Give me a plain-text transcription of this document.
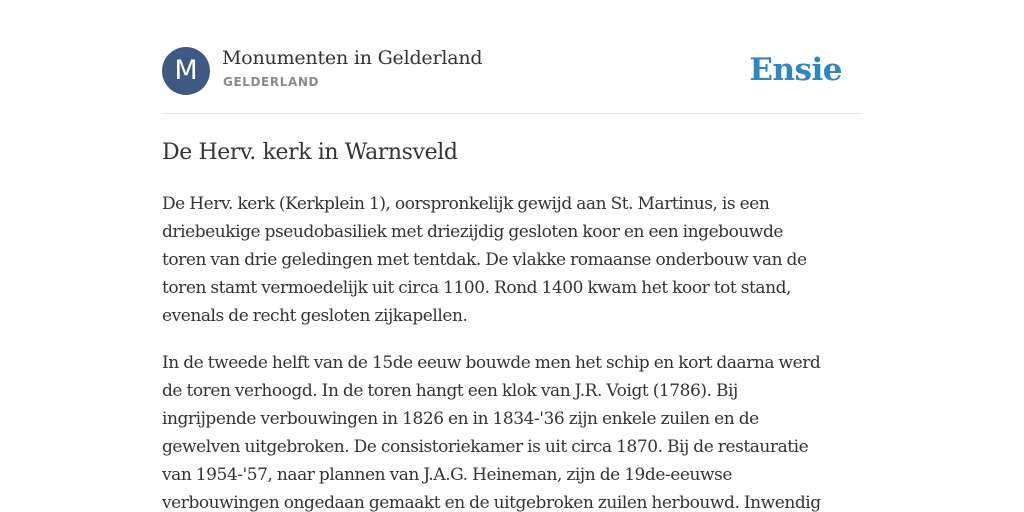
M	Monumenten in Gelderland
GELDERLAND	Ensie
De Herv. kerk in Warnsveld

De Herv. kerk (Kerkplein 1), oorspronkelijk gewijd aan St. Martinus, is een
driebeukige pseudobasiliek met driezijdig gesloten koor en een ingebouwde
toren van drie geledingen met tentdak. De vlakke romaanse onderbouw van de
toren stamt vermoedelijk uit circa 1100. Rond 1400 kwam het koor tot stand,
evenals de recht gesloten zijkapellen.

In de tweede helft van de 15de eeuw bouwde men het schip en kort daarna werd
de toren verhoogd. In de toren hangt een klok van J.R. Voigt (1786). Bij
ingrijpende verbouwingen in 1826 en in 1834-'36 zijn enkele zuilen en de
gewelven uitgebroken. De consistoriekamer is uit circa 1870. Bij de restauratie
van 1954-'57, naar plannen van J.A.G. Heineman, zijn de 19de-eeuwse
verbouwingen ongedaan gemaakt en de uitgebroken zuilen herbouwd. Inwendig
